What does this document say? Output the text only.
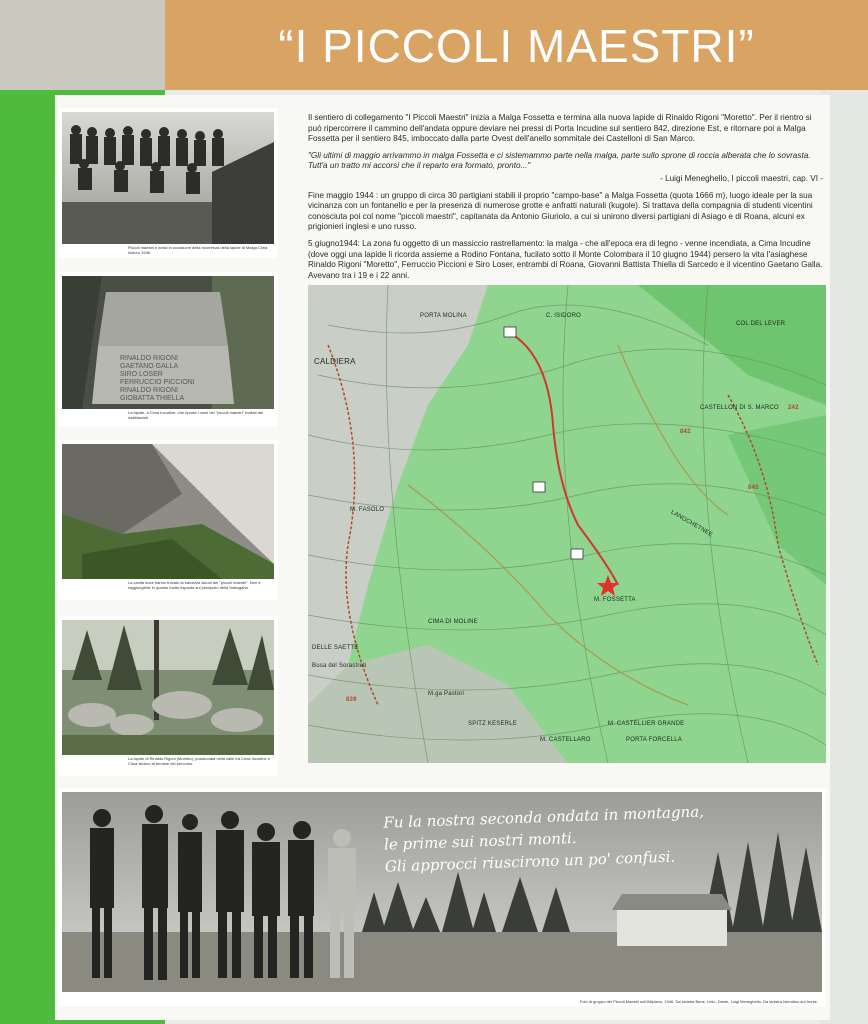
“I PICCOLI MAESTRI”
Piccoli maestri e amici in occasione della ricorrenza della lapide di Malga Cima Isidoro 1946
RINALDO RIGONI
GAETANO GALLA
SIRO LOSER
FERRUCCIO PICCIONI
RINALDO RIGONI
GIOBATTA THIELLA
La lapide, a Cima Incudine, che riporta i nomi dei "piccoli maestri" fucilati dai nazifascisti.
La cavità dove hanno trovato la salvezza alcuni dei "piccoli maestri". Non è raggiungibile in quanto molto esposta sul precipizio della Valsugana.
La lapide di Rinaldo Rigoni (Moretto), posizionata nella valle tra Cima Incudine e Cima Isidoro al termine del percorso.

Il sentiero di collegamento "I Piccoli Maestri" inizia a Malga Fossetta e termina alla nuova lapide di Rinaldo Rigoni "Moretto". Per il rientro si può ripercorrere il cammino dell'andata oppure deviare nei pressi di Porta Incudine sul sentiero 842, direzione Est, e ritornare poi a Malga Fossetta per il sentiero 845, imboccato dalla parte Ovest dell'anello sommitale dei Castelloni di San Marco.

"Gli ultimi di maggio arrivammo in malga Fossetta e ci sistemammo parte nella malga, parte sullo sprone di roccia alberata che lo sovrasta. Tutt'a un tratto mi accorsi che il reparto era formato, pronto..."

- Luigi Meneghello, I piccoli maestri, cap. VI -

Fine maggio 1944 : un gruppo di circa 30 partigiani stabili il proprio "campo-base" a Malga Fossetta (quota 1666 m), luogo ideale per la sua vicinanza con un fontanello e per la presenza di numerose grotte e anfratti naturali (kugole). Si trattava della compagnia di studenti vicentini conosciuta poi col nome "piccoli maestri", capitanata da Antonio Giuriolo, a cui si unirono diversi partigiani di Asiago e di Roana, alcuni ex prigionieri inglesi e uno russo.

5 giugno1944: La zona fu oggetto di un massiccio rastrellamento: la malga - che all'epoca era di legno - venne incendiata, a Cima Incudine (dove oggi una lapide li ricorda assieme a Rodino Fontana, fucilato sotto il Monte Colombara il 10 giugno 1944) persero la vita l'asiaghese Rinaldo Rigoni "Moretto", Ferruccio Piccioni e Siro Loser, entrambi di Roana, Giovanni Battista Thiella di Sarcedo e il vicentino Gaetano Galla. Avevano tra i 19 e i 22 anni.

PORTA MOLINA	C. ISIDORO
COL DEL LEVER
CALDIERA
CASTELLON DI S. MARCO
M. FASOLO
CIMA DI MOLINE
M. FOSSETTA
M. CASTELLARO	PORTA FORCELLA
SPITZ KESERLE	M. CASTELLIER GRANDE
M.ga Pastori
Busa del Sorastreti
DELLE SAETTE
LANOCHETNEE
842
242
845
839
Fu la nostra seconda ondata in montagna,
le prime sui nostri monti.
Gli approcci riuscirono un po' confusi.
Foto di gruppo dei Piccoli Maestri sull'Altipiano, 1946. Da sinistra Bene, Lelio, Dante, Luigi Meneghello. Da sinistra Nerudino sul fronte.
